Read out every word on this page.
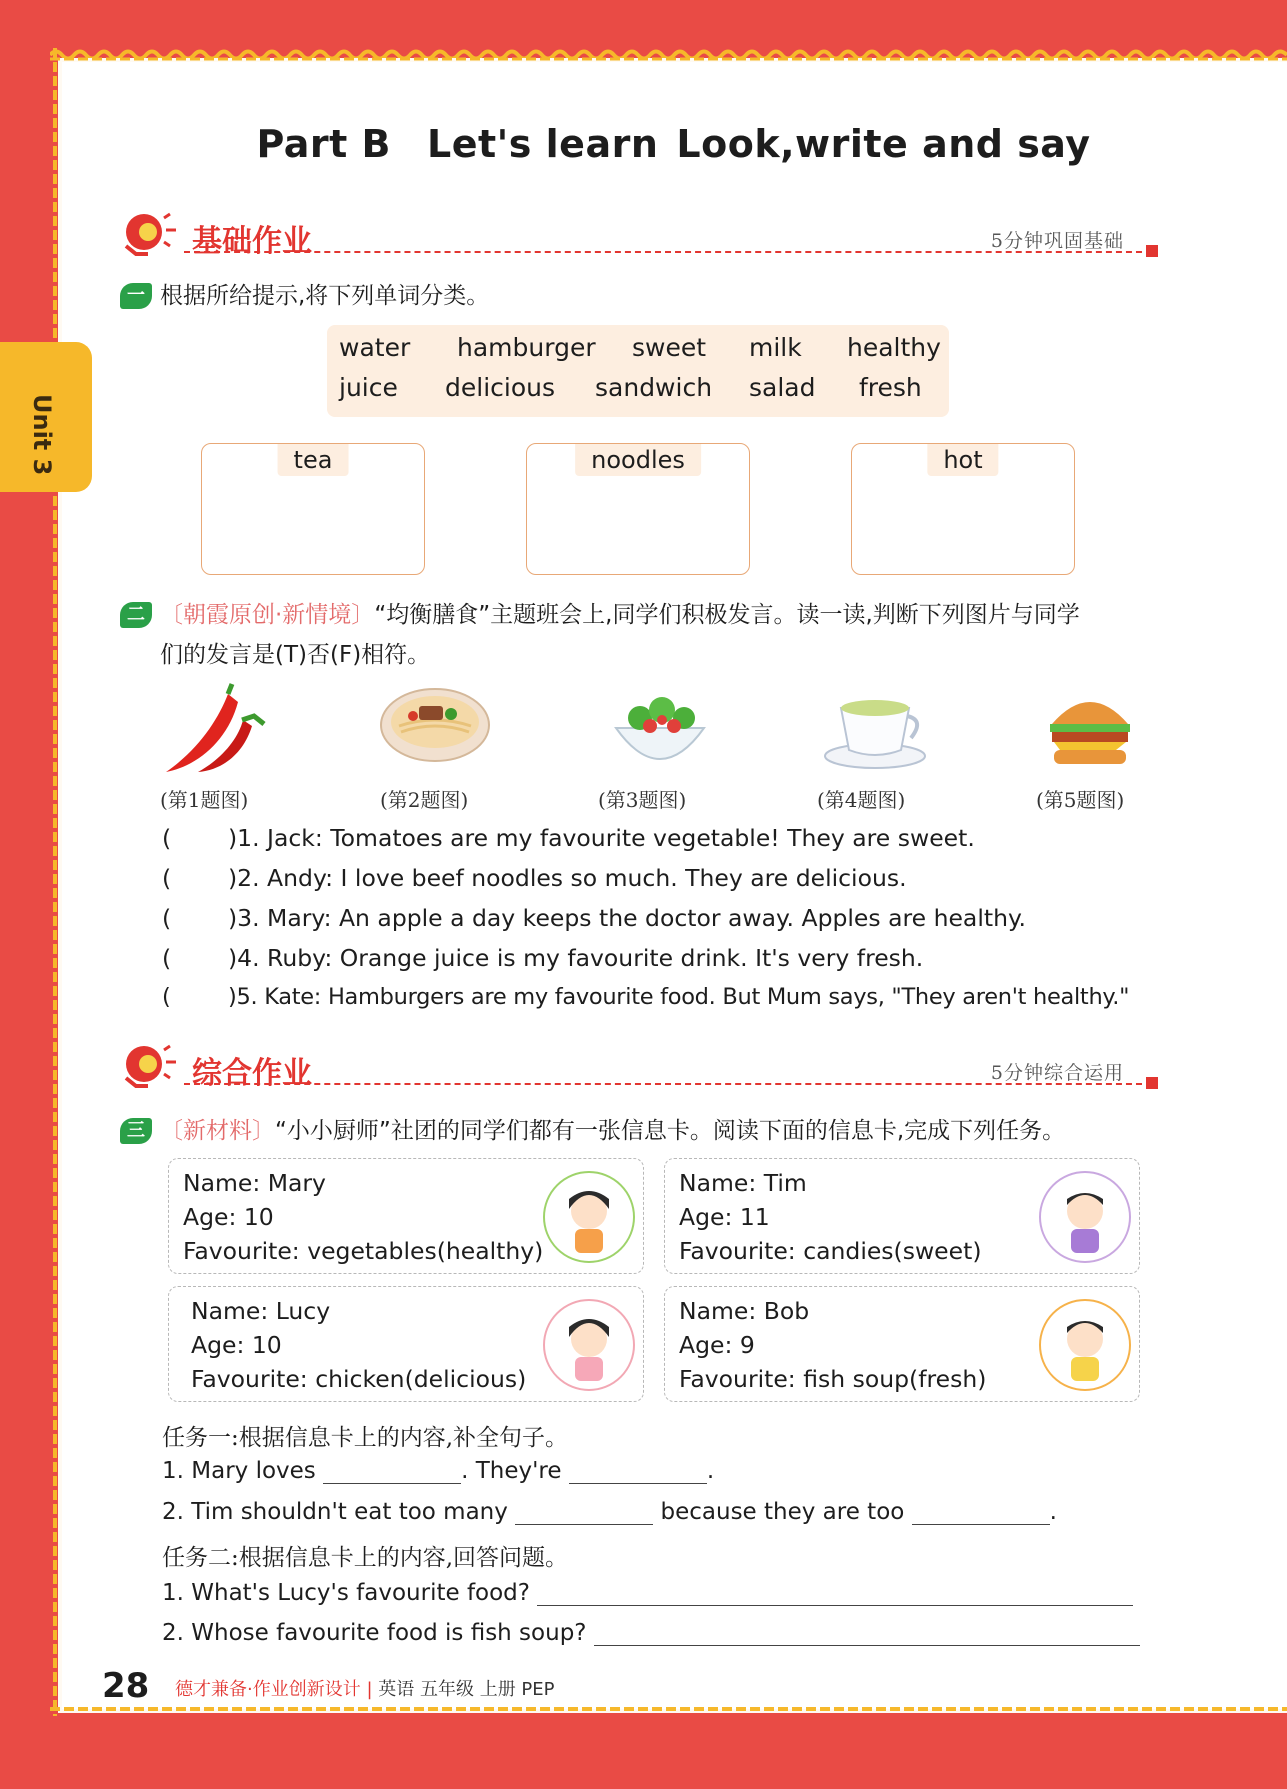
Unit 3
Part B Let's learn Look,write and say
基础作业	5分钟巩固基础
一 根据所给提示,将下列单词分类。
water hamburger sweet milk healthy
juice delicious sandwich salad fresh
tea	noodles	hot
二 〔朝霞原创·新情境〕“均衡膳食”主题班会上,同学们积极发言。读一读,判断下列图片与同学
们的发言是(T)否(F)相符。
(第1题图)	(第2题图)	(第3题图)	(第4题图)	(第5题图)
( )1. Jack: Tomatoes are my favourite vegetable! They are sweet.
( )2. Andy: I love beef noodles so much. They are delicious.
( )3. Mary: An apple a day keeps the doctor away. Apples are healthy.
( )4. Ruby: Orange juice is my favourite drink. It's very fresh.
(	)5. Kate: Hamburgers are my favourite food. But Mum says, "They aren't healthy."
综合作业	5分钟综合运用
三 〔新材料〕“小小厨师”社团的同学们都有一张信息卡。阅读下面的信息卡,完成下列任务。
Name: Mary
Age: 10
Favourite: vegetables(healthy)
Name: Tim
Age: 11
Favourite: candies(sweet)
Name: Lucy
Age: 10
Favourite: chicken(delicious)
Name: Bob
Age: 9
Favourite: fish soup(fresh)
任务一:根据信息卡上的内容,补全句子。
1. Mary loves	. They're	.
2. Tim shouldn't eat too many	because they are too	.
任务二:根据信息卡上的内容,回答问题。
1. What's Lucy's favourite food?
2. Whose favourite food is fish soup?
28 德才兼备·作业创新设计 | 英语 五年级 上册 PEP
